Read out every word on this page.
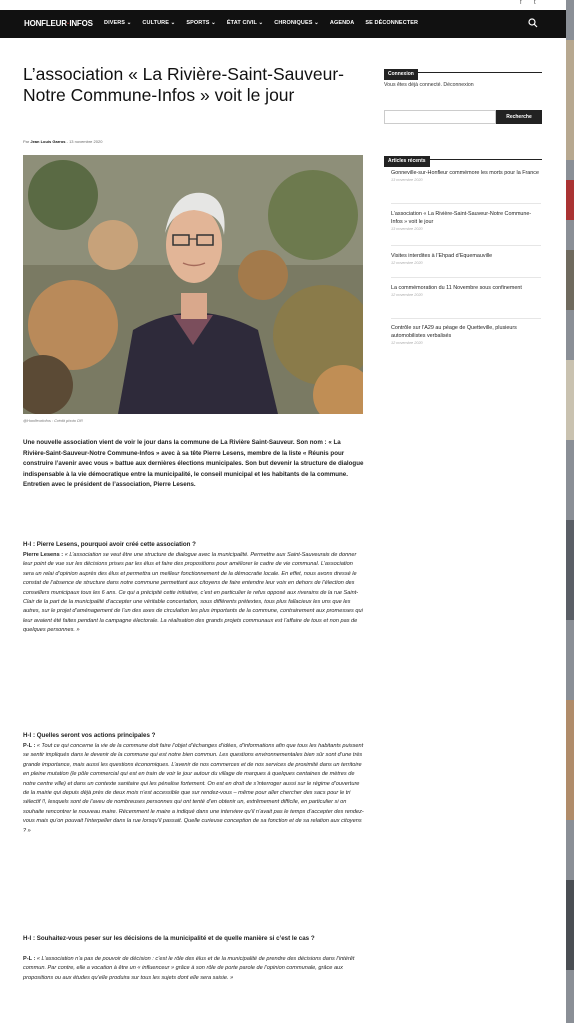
f t
HONFLEUR·INFOS DIVERS ⌄ CULTURE ⌄ SPORTS ⌄ ÉTAT CIVIL ⌄ CHRONIQUES ⌄ AGENDA SE DÉCONNECTER
L’association « La Rivière-Saint-Sauveur-Notre Commune-Infos » voit le jour
Par Jean Louis Garros - 13 novembre 2020
@HonfleurInfos : Crédit photo DR
Une nouvelle association vient de voir le jour dans la commune de La Rivière Saint-Sauveur. Son nom : « La Rivière-Saint-Sauveur-Notre Commune-Infos » avec à sa tête Pierre Lesens, membre de la liste « Réunis pour construire l’avenir avec vous » battue aux dernières élections municipales. Son but devenir la structure de dialogue indispensable à la vie démocratique entre la municipalité, le conseil municipal et les habitants de la commune.
Entretien avec le président de l’association, Pierre Lesens.
H-I : Pierre Lesens, pourquoi avoir créé cette association ?
Pierre Lesens : « L’association se veut être une structure de dialogue avec la municipalité. Permettre aux Saint-Sauveurais de donner leur point de vue sur les décisions prises par les élus et faire des propositions pour améliorer le cadre de vie communal. L’association sera un relai d’opinion auprès des élus et permettra un meilleur fonctionnement de la démocratie locale. En effet, nous avons dressé le constat de l’absence de structure dans notre commune permettant aux citoyens de faire entendre leur voix en dehors de l’élection des conseillers municipaux tous les 6 ans. Ce qui a précipité cette initiative, c’est en particulier le refus opposé aux riverains de la rue Saint-Clair de la part de la municipalité d’accepter une véritable concertation, sous différents prétextes, tous plus fallacieux les uns que les autres, sur le projet d’aménagement de l’un des axes de circulation les plus importants de la commune, contrairement aux promesses qui leur avaient été faites pendant la campagne électorale. La réalisation des grands projets communaux est l’affaire de tous et non pas de quelques personnes. »
H-I : Quelles seront vos actions principales ?
P-L : « Tout ce qui concerne la vie de la commune doit faire l’objet d’échanges d’idées, d’informations afin que tous les habitants puissent se sentir impliqués dans le devenir de la commune qui est notre bien commun. Les questions environnementales bien sûr sont d’une très grande importance, mais aussi les questions économiques. L’avenir de nos commerces et de nos services de proximité dans un territoire en pleine mutation (le pôle commercial qui est en train de voir le jour autour du village de marques à quelques centaines de mètres de notre centre ville) et dans un contexte sanitaire qui les pénalise fortement. On est en droit de s’interroger aussi sur le régime d’ouverture de la mairie qui depuis déjà près de deux mois n’est accessible que sur rendez-vous – même pour aller chercher des sacs pour le tri sélectif !!, lesquels sont de l’aveu de nombreuses personnes qui ont tenté d’en obtenir un, extrêmement difficile, en particulier si on souhaite rencontrer le nouveau maire. Récemment le maire a indiqué dans une interview qu’il n’avait pas le temps d’accepter des rendez-vous mais qu’on pouvait l’interpeller dans la rue lorsqu’il passait. Quelle curieuse conception de sa fonction et de sa relation aux citoyens ? »
H-I : Souhaitez-vous peser sur les décisions de la municipalité et de quelle manière si c’est le cas ?
P-L : « L’association n’a pas de pouvoir de décision : c’est le rôle des élus et de la municipalité de prendre des décisions dans l’intérêt commun. Par contre, elle a vocation à être un « influenceur » grâce à son rôle de porte parole de l’opinion communale, grâce aux propositions ou aux études qu’elle produira sur tous les sujets dont elle sera saisie. »
Connexion
Vous êtes déjà connecté. Déconnexion
Recherche
Articles récents
Gonneville-sur-Honfleur commémore les morts pour la France
13 novembre 2020
L’association « La Rivière-Saint-Sauveur-Notre Commune-Infos » voit le jour
13 novembre 2020
Visites interdites à l’Ehpad d’Equemauville
12 novembre 2020
La commémoration du 11 Novembre sous confinement
12 novembre 2020
Contrôle sur l’A29 au péage de Quetteville, plusieurs automobilistes verbalisés
12 novembre 2020
